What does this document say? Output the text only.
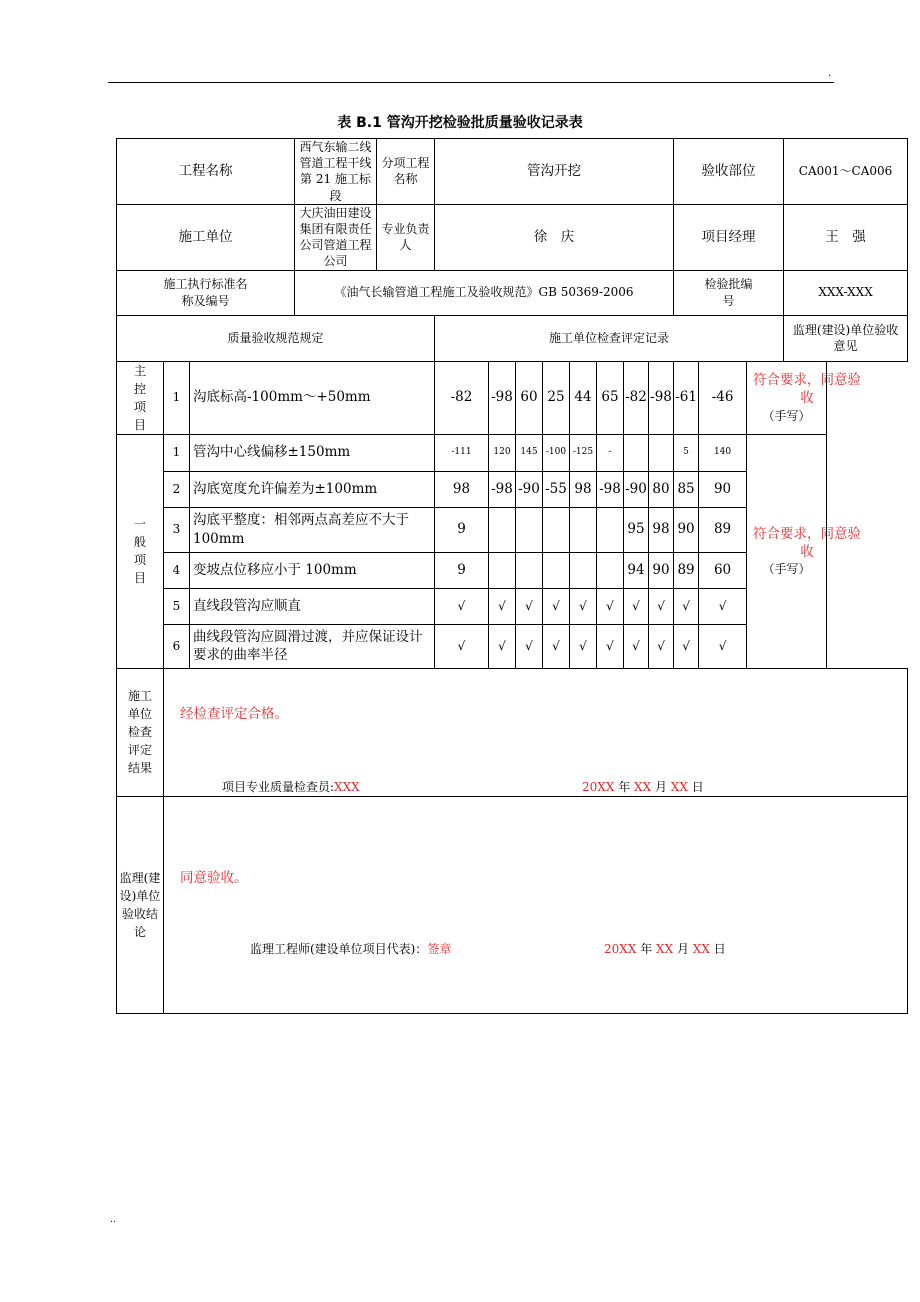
.
表 B.1 管沟开挖检验批质量验收记录表
工程名称			西气东输二线管道工程干线第 21 施工标段	分项工程名称	管沟开挖								验收部位			CA001～CA006
施工单位			大庆油田建设集团有限责任公司管道工程公司	专业负责人	徐　庆								项目经理			王　强

施工执行标准名称及编号			《油气长输管道工程施工及验收规范》GB 50369-2006										检验批编号			XXX-XXX
质量验收规范规定					施工单位检查评定记录											监理(建设)单位验收意见

主控项目	1	沟底标高-100mm～+50mm			-82	-98	60	25	44	65	-82	-98	-61	-46	符合要求，同意验收
（手写）	

一般项目	1	管沟中心线偏移±150mm			-111	120	145	-100	-125	-			5	140	符合要求，同意验收
（手写）	

	2	沟底宽度允许偏差为±100mm			98	-98	-90	-55	98	-98	-90	80	85	90		
	3	沟底平整度：相邻两点高差应不大于 100mm			9						95	98	90	89		
	4	变坡点位移应小于 100mm			9						94	90	89	60		
	5	直线段管沟应顺直			√	√	√	√	√	√	√	√	√	√		
	6	曲线段管沟应圆滑过渡，并应保证设计要求的曲率半径			√	√	√	√	√	√	√	√	√	√		

施工单位检查评定结果	经检查评定合格。
项目专业质量检查员:XXX 20XX 年 XX 月 XX 日															

监理(建设)单位验收结论	同意验收。
监理工程师(建设单位项目代表)：签章 20XX 年 XX 月 XX 日															
..
